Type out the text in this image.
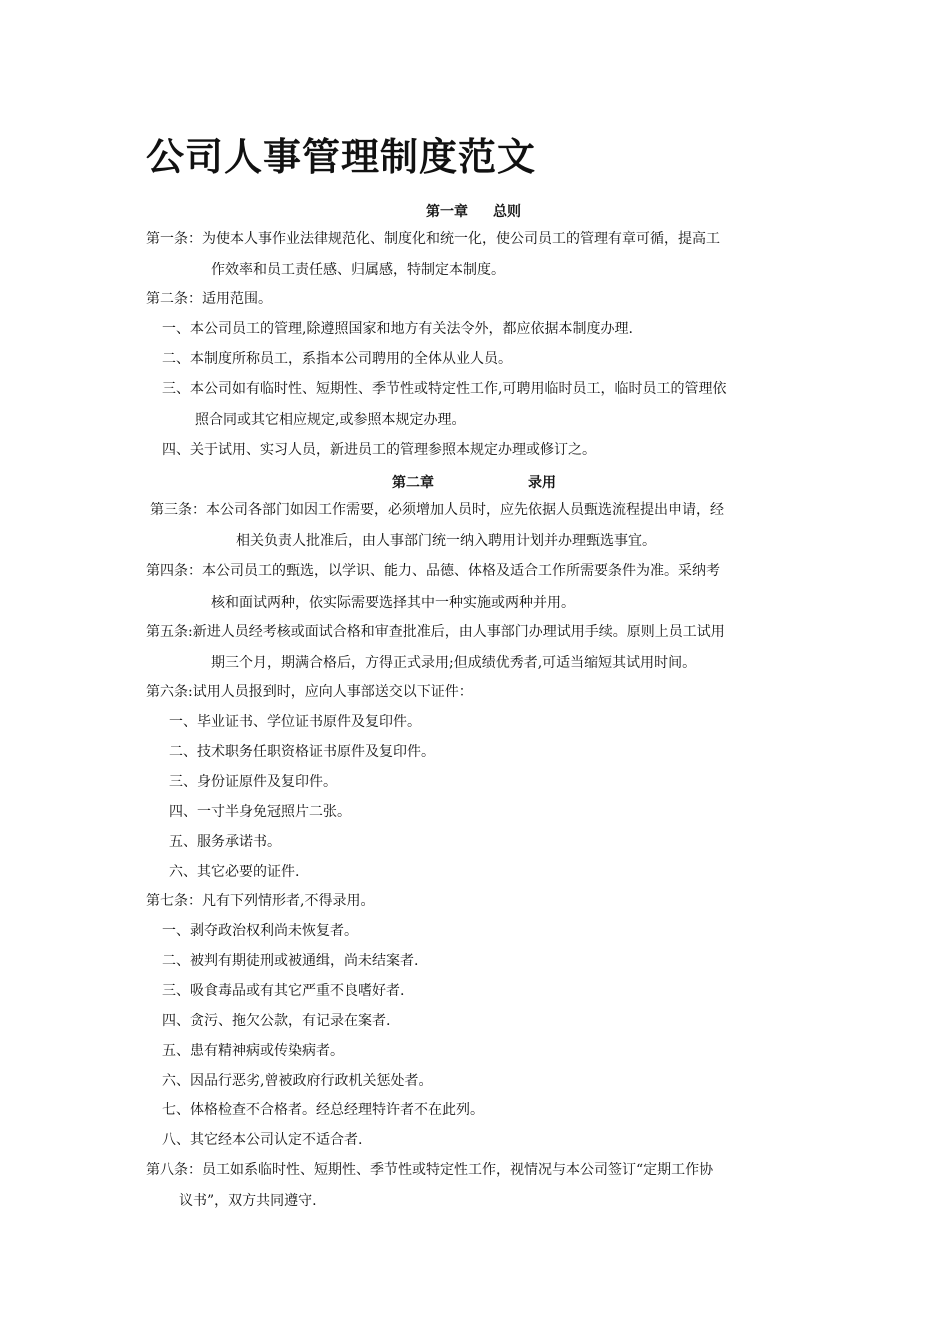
公司人事管理制度范文
第一章 总则
第一条：为使本人事作业法律规范化、制度化和统一化，使公司员工的管理有章可循，提高工
作效率和员工责任感、归属感，特制定本制度。
第二条：适用范围。
一、本公司员工的管理,除遵照国家和地方有关法令外，都应依据本制度办理.
二、本制度所称员工，系指本公司聘用的全体从业人员。
三、本公司如有临时性、短期性、季节性或特定性工作,可聘用临时员工，临时员工的管理依
照合同或其它相应规定,或参照本规定办理。
四、关于试用、实习人员，新进员工的管理参照本规定办理或修订之。
第二章	录用
第三条：本公司各部门如因工作需要，必须增加人员时，应先依据人员甄选流程提出申请，经
相关负责人批准后，由人事部门统一纳入聘用计划并办理甄选事宜。
第四条：本公司员工的甄选，以学识、能力、品德、体格及适合工作所需要条件为准。采纳考
核和面试两种，依实际需要选择其中一种实施或两种并用。
第五条:新进人员经考核或面试合格和审查批准后，由人事部门办理试用手续。原则上员工试用
期三个月，期满合格后，方得正式录用;但成绩优秀者,可适当缩短其试用时间。
第六条:试用人员报到时，应向人事部送交以下证件：
一、毕业证书、学位证书原件及复印件。
二、技术职务任职资格证书原件及复印件。
三、身份证原件及复印件。
四、一寸半身免冠照片二张。
五、服务承诺书。
六、其它必要的证件.
第七条：凡有下列情形者,不得录用。
一、剥夺政治权利尚未恢复者。
二、被判有期徒刑或被通缉，尚未结案者.
三、吸食毒品或有其它严重不良嗜好者.
四、贪污、拖欠公款，有记录在案者.
五、患有精神病或传染病者。
六、因品行恶劣,曾被政府行政机关惩处者。
七、体格检查不合格者。经总经理特许者不在此列。
八、其它经本公司认定不适合者.
第八条：员工如系临时性、短期性、季节性或特定性工作，视情况与本公司签订“定期工作协
议书”，双方共同遵守.
